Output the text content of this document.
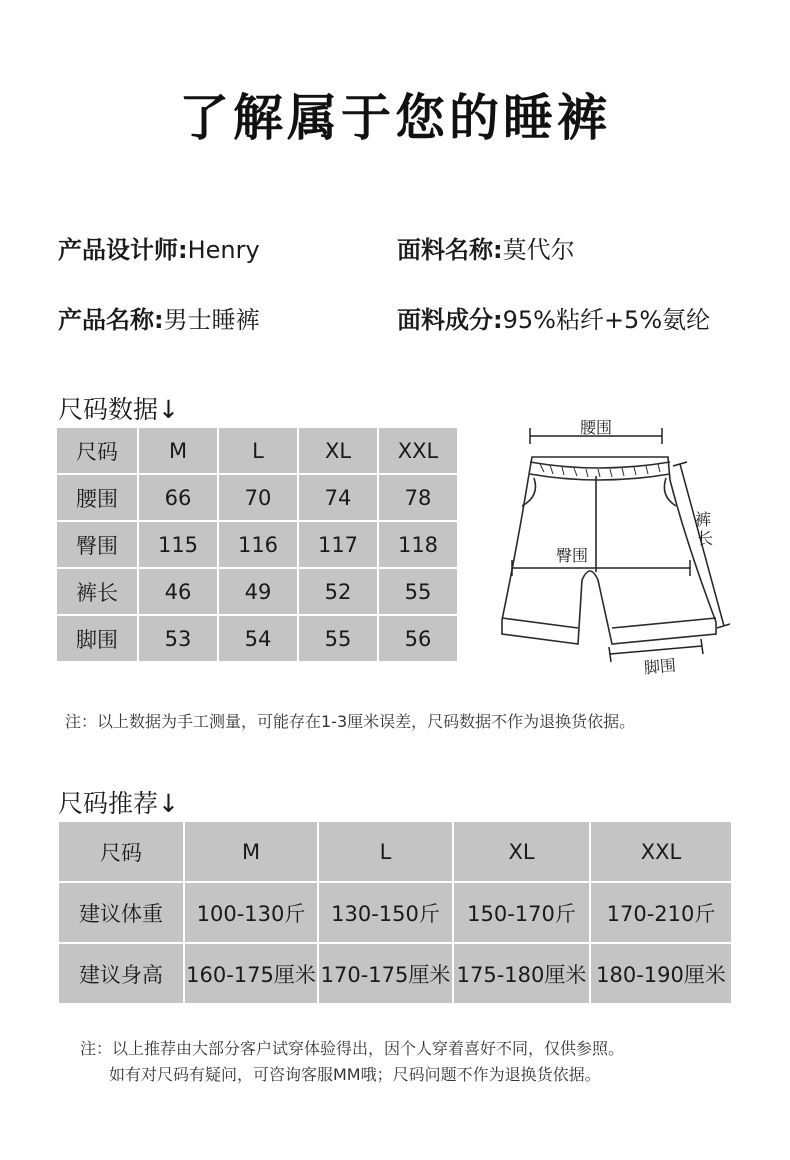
了解属于您的睡裤
产品设计师:Henry	面料名称:莫代尔
产品名称:男士睡裤	面料成分:95%粘纤+5%氨纶
尺码数据↓
尺码	M	L	XL	XXL
腰围	66	70	74	78
臀围	115	116	117	118
裤长	46	49	52	55
脚围	53	54	55	56
腰围
臀围
裤
长
脚围
注：以上数据为手工测量，可能存在1-3厘米误差，尺码数据不作为退换货依据。
尺码推荐↓
尺码	M	L	XL	XXL
建议体重	100-130斤	130-150斤	150-170斤	170-210斤
建议身高	160-175厘米	170-175厘米	175-180厘米	180-190厘米
注：以上推荐由大部分客户试穿体验得出，因个人穿着喜好不同，仅供参照。
如有对尺码有疑问，可咨询客服MM哦；尺码问题不作为退换货依据。
